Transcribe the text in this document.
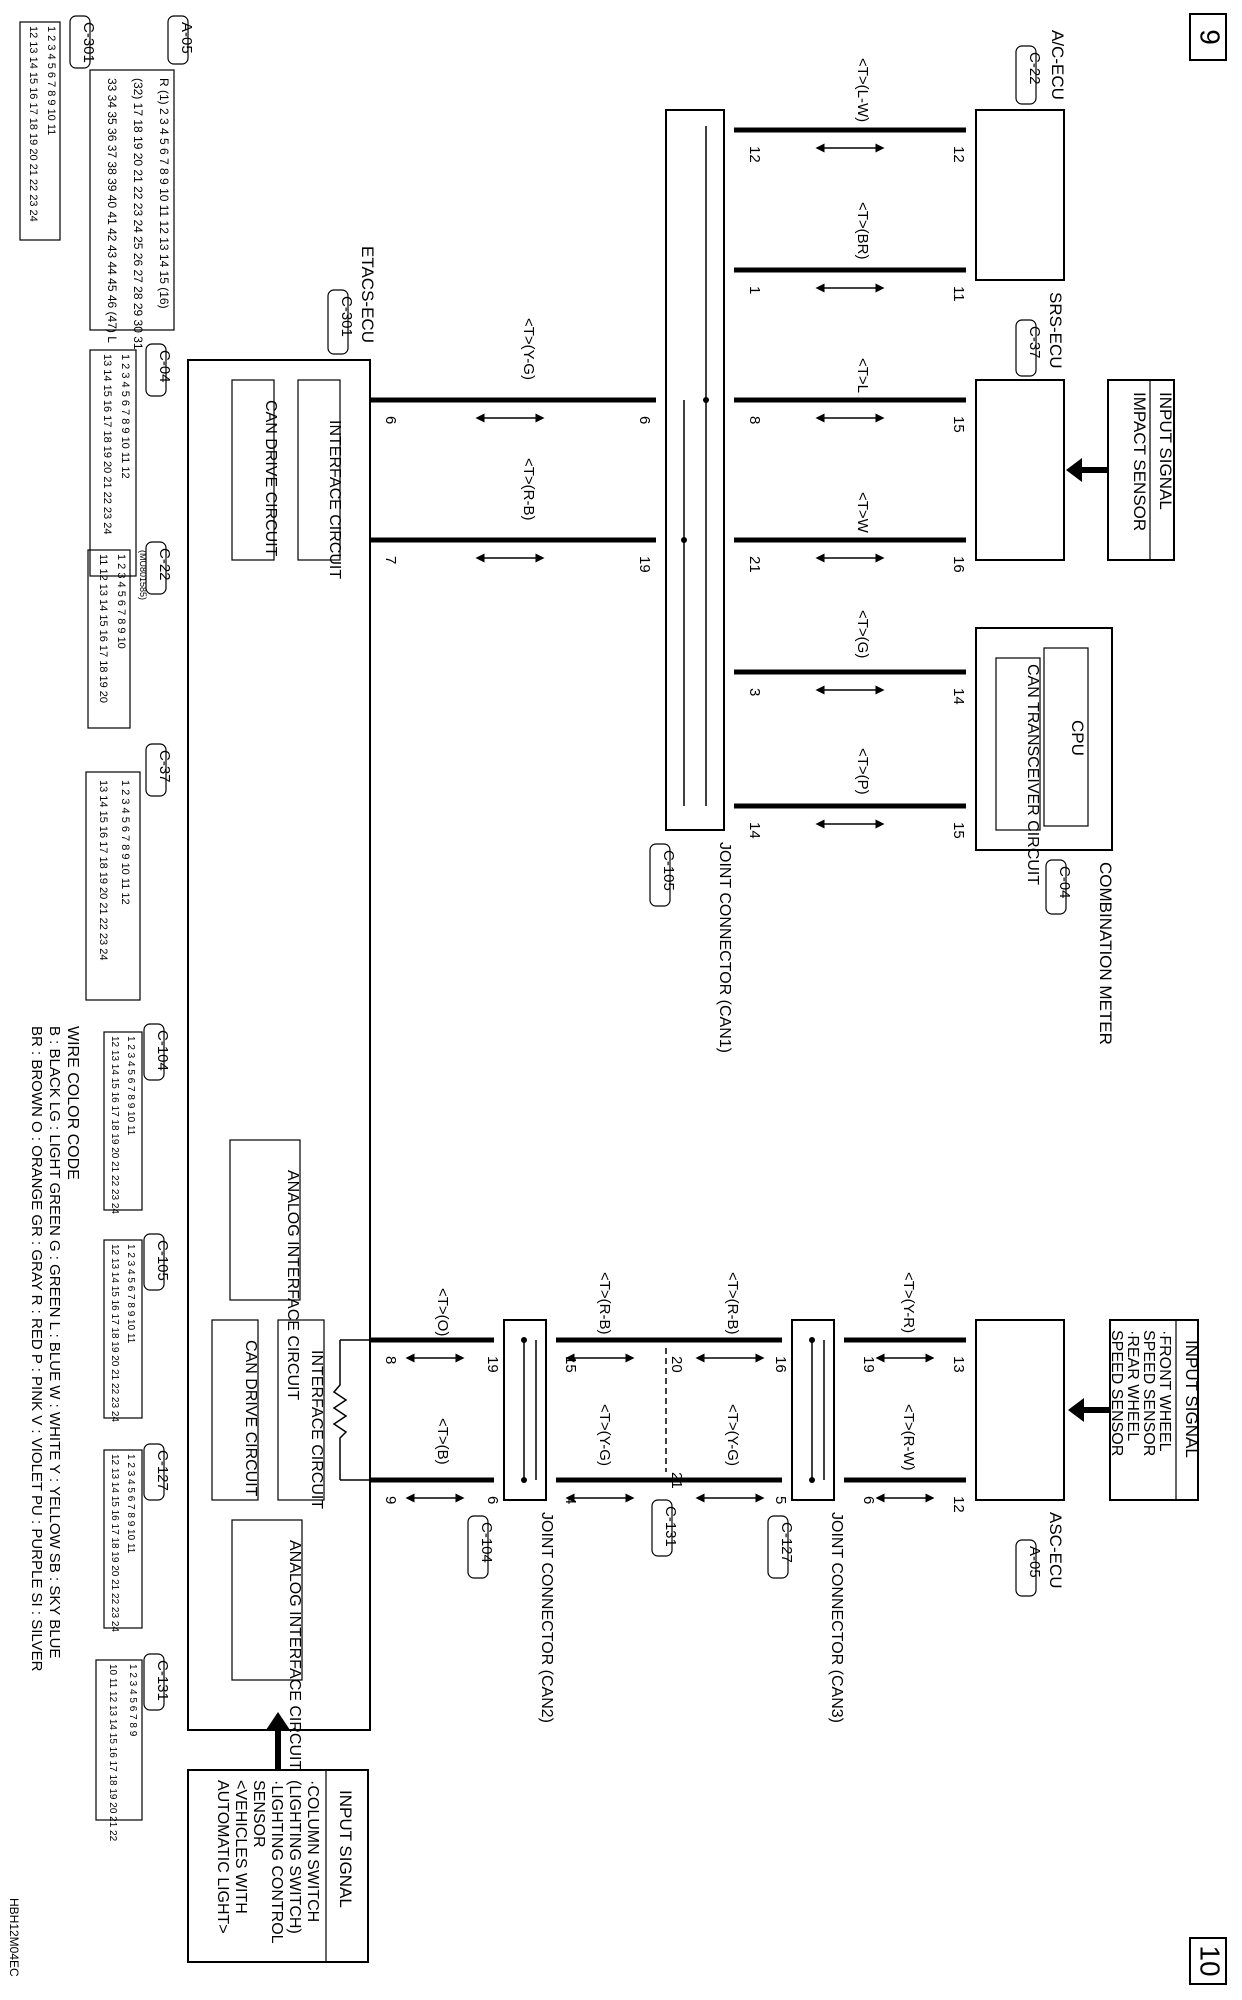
9
10
A/C-ECU
C-22
SRS-ECU
C-37
INPUT SIGNAL
IMPACT SENSOR
CPU
CAN TRANSCEIVER CIRCUIT
COMBINATION METER
C-04
JOINT CONNECTOR (CAN1)
C-105
<T>(L-W)
<T>(BR)
<T>L
<T>W
<T>(G)
<T>(P)
<T>(Y-G)
<T>(R-B)
12
11
15
16
14
15
12
1
8
21
3
14
6
19
6
7
ETACS-ECU
C-301
INTERFACE CIRCUIT
CAN DRIVE CIRCUIT
ANALOG INTERFACE CIRCUIT
INTERFACE CIRCUIT
CAN DRIVE CIRCUIT
ANALOG INTERFACE CIRCUIT
INPUT SIGNAL
·COLUMN SWITCH
(LIGHTING SWITCH)
·LIGHTING CONTROL
SENSOR
<VEHICLES WITH
AUTOMATIC LIGHT>
ASC-ECU
A-05
INPUT SIGNAL
·FRONT WHEEL
SPEED SENSOR
·REAR WHEEL
SPEED SENSOR
JOINT CONNECTOR (CAN3)
C-127
JOINT CONNECTOR (CAN2)
C-104	C-131
<T>(Y-R)
<T>(R-W)
<T>(R-B)
<T>(Y-G)
<T>(R-B)
<T>(Y-G)
<T>(O)
<T>(B)
13
12
19
6
16
5
20
21
15
4
19
6
8
9
A-05
R (1) 2 3 4 5 6 7 8 9 10 11 12 13 14 15 (16)
(32) 17 18 19 20 21 22 23 24 25 26 27 28 29 30 31
33 34 35 36 37 38 39 40 41 42 43 44 45 46 (47) L
C-301
1 2 3 4 5 6 7 8 9 10 11
12 13 14 15 16 17 18 19 20 21 22 23 24
C-04
1 2 3 4 5 6 7 8 9 10 11 12
13 14 15 16 17 18 19 20 21 22 23 24
C-22
(MU801585)
1 2 3 4 5 6 7 8 9 10
11 12 13 14 15 16 17 18 19 20
C-37
1 2 3 4 5 6 7 8 9 10 11 12
13 14 15 16 17 18 19 20 21 22 23 24
C-104
1 2 3 4 5 6 7 8 9 10 11
12 13 14 15 16 17 18 19 20 21 22 23 24
C-105
1 2 3 4 5 6 7 8 9 10 11
12 13 14 15 16 17 18 19 20 21 22 23 24
C-127
1 2 3 4 5 6 7 8 9 10 11
12 13 14 15 16 17 18 19 20 21 22 23 24
C-131
1 2 3 4 5 6 7 8 9
10 11 12 13 14 15 16 17 18 19 20 21 22
WIRE COLOR CODE
B : BLACK LG : LIGHT GREEN G : GREEN L : BLUE W : WHITE Y : YELLOW SB : SKY BLUE
BR : BROWN O : ORANGE GR : GRAY R : RED P : PINK V : VIOLET PU : PURPLE SI : SILVER
HBH12M04EC
